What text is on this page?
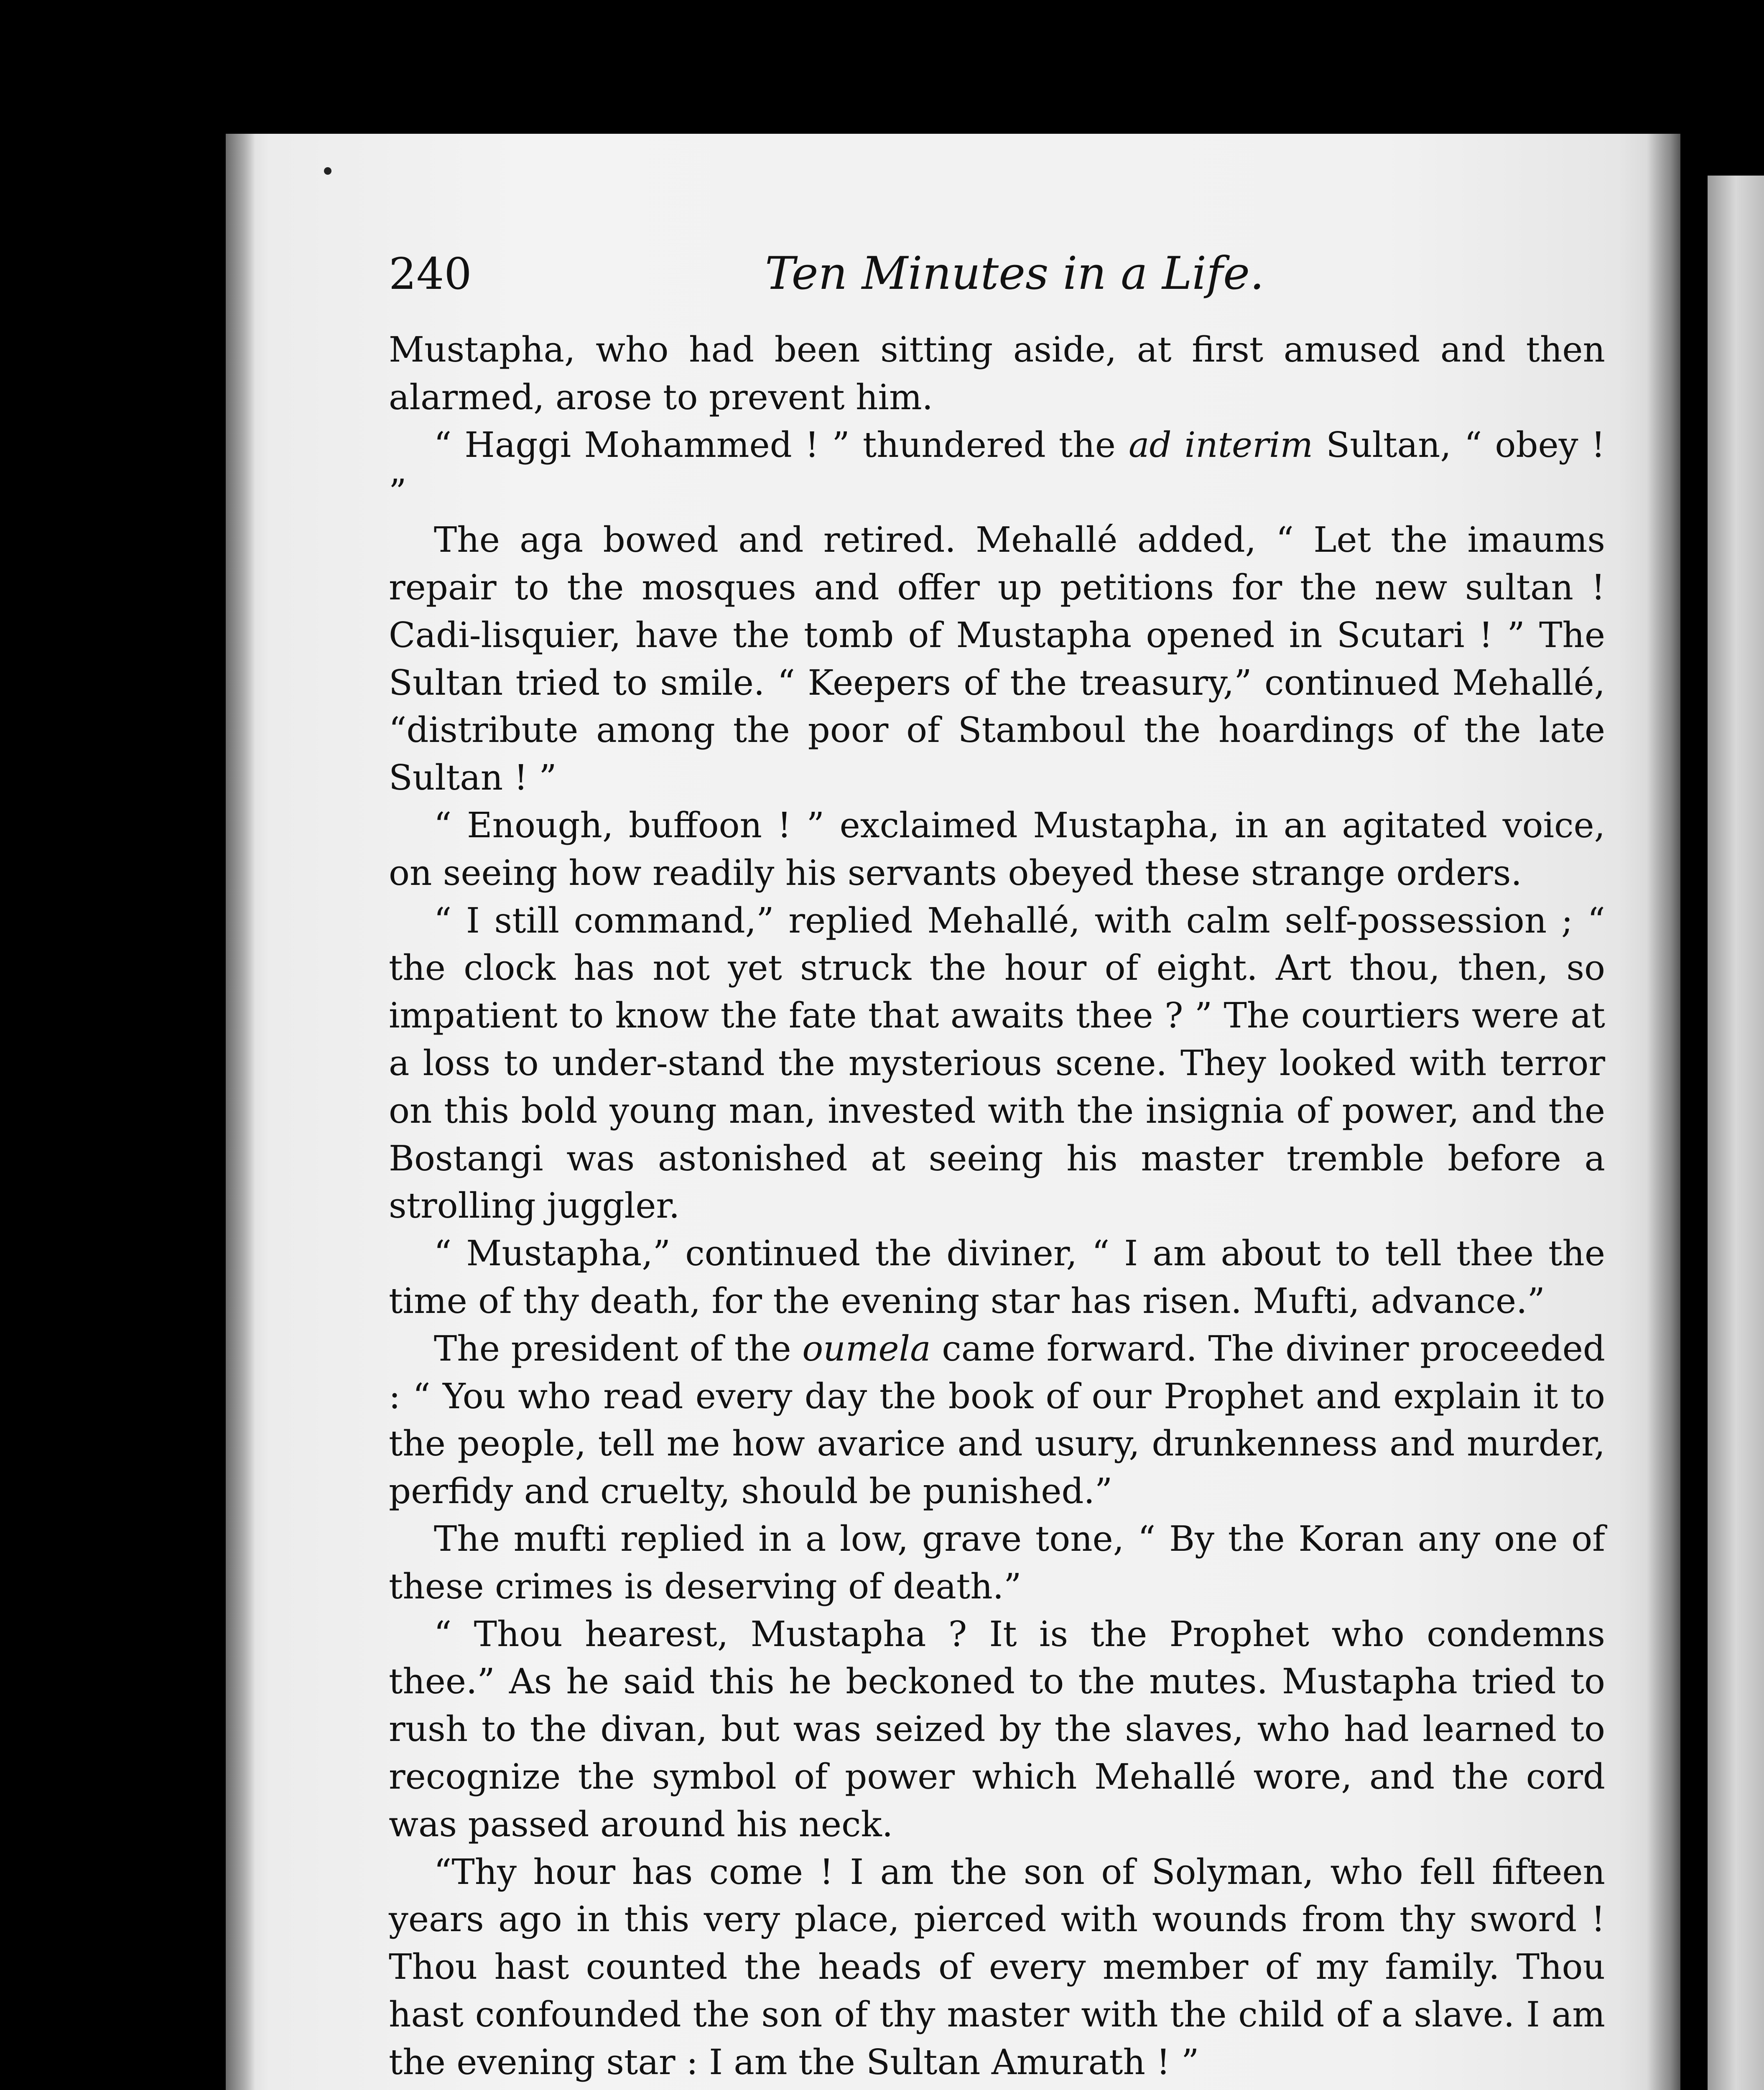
240	Ten Minutes in a Life.

Mustapha, who had been sitting aside, at first amused and then alarmed, arose to prevent him.

“ Haggi Mohammed ! ” thundered the ad interim Sultan, “ obey ! ”

The aga bowed and retired. Mehallé added, “ Let the imaums repair to the mosques and offer up petitions for the new sultan ! Cadi-lisquier, have the tomb of Mustapha opened in Scutari ! ” The Sultan tried to smile. “ Keepers of the treasury,” continued Mehallé, “distribute among the poor of Stamboul the hoardings of the late Sultan ! ”

“ Enough, buffoon ! ” exclaimed Mustapha, in an agitated voice, on seeing how readily his servants obeyed these strange orders.

“ I still command,” replied Mehallé, with calm self-possession ; “ the clock has not yet struck the hour of eight. Art thou, then, so impatient to know the fate that awaits thee ? ” The courtiers were at a loss to under-stand the mysterious scene. They looked with terror on this bold young man, invested with the insignia of power, and the Bostangi was astonished at seeing his master tremble before a strolling juggler.

“ Mustapha,” continued the diviner, “ I am about to tell thee the time of thy death, for the evening star has risen. Mufti, advance.”

The president of the oumela came forward. The diviner proceeded : “ You who read every day the book of our Prophet and explain it to the people, tell me how avarice and usury, drunkenness and murder, perfidy and cruelty, should be punished.”

The mufti replied in a low, grave tone, “ By the Koran any one of these crimes is deserving of death.”

“ Thou hearest, Mustapha ? It is the Prophet who condemns thee.” As he said this he beckoned to the mutes. Mustapha tried to rush to the divan, but was seized by the slaves, who had learned to recognize the symbol of power which Mehallé wore, and the cord was passed around his neck.

“Thy hour has come ! I am the son of Solyman, who fell fifteen years ago in this very place, pierced with wounds from thy sword ! Thou hast counted the heads of every member of my family. Thou hast confounded the son of thy master with the child of a slave. I am the evening star : I am the Sultan Amurath ! ”
